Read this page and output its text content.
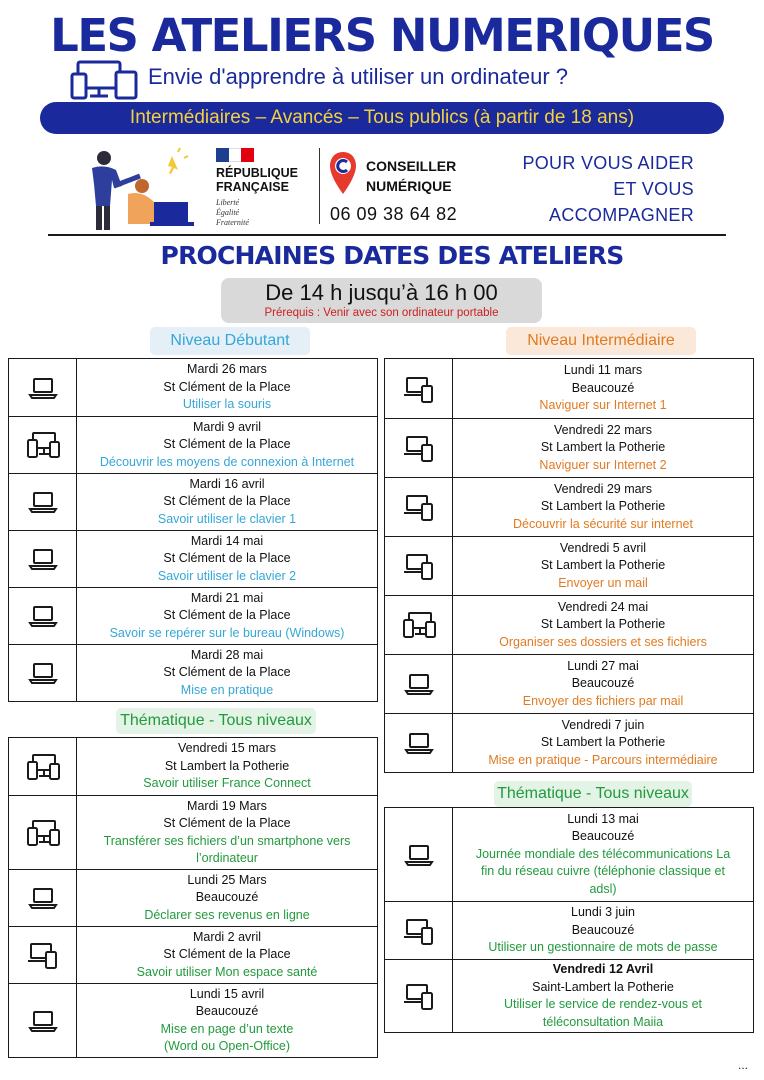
LES ATELIERS NUMERIQUES
Envie d'apprendre à utiliser un ordinateur ?
Intermédiaires – Avancés – Tous publics (à partir de 18 ans)
RÉPUBLIQUE
FRANÇAISE
Liberté
Égalité
Fraternité
CONSEILLER
NUMÉRIQUE
06 09 38 64 82
POUR VOUS AIDER
ET VOUS
ACCOMPAGNER
PROCHAINES DATES DES ATELIERS
De 14 h jusqu’à 16 h 00
Prérequis : Venir avec son ordinateur portable
Niveau Débutant	Niveau Intermédiaire
Thématique - Tous niveaux
Thématique - Tous niveaux
Mardi 26 mars
St Clément de la Place
Utiliser la souris
Mardi 9 avril
St Clément de la Place
Découvrir les moyens de connexion à Internet
Mardi 16 avril
St Clément de la Place
Savoir utiliser le clavier 1
Mardi 14 mai
St Clément de la Place
Savoir utiliser le clavier 2
Mardi 21 mai
St Clément de la Place
Savoir se repérer sur le bureau (Windows)
Mardi 28 mai
St Clément de la Place
Mise en pratique
Vendredi 15 mars
St Lambert la Potherie
Savoir utiliser France Connect
Mardi 19 Mars
St Clément de la Place
Transférer ses fichiers d’un smartphone vers l’ordinateur
Lundi 25 Mars
Beaucouzé
Déclarer ses revenus en ligne
Mardi 2 avril
St Clément de la Place
Savoir utiliser Mon espace santé
Lundi 15 avril
Beaucouzé
Mise en page d’un texte (Word ou Open-Office)
Lundi 11 mars
Beaucouzé
Naviguer sur Internet 1
Vendredi 22 mars
St Lambert la Potherie
Naviguer sur Internet 2
Vendredi 29 mars
St Lambert la Potherie
Découvrir la sécurité sur internet
Vendredi 5 avril
St Lambert la Potherie
Envoyer un mail
Vendredi 24 mai
St Lambert la Potherie
Organiser ses dossiers et ses fichiers
Lundi 27 mai
Beaucouzé
Envoyer des fichiers par mail
Vendredi 7 juin
St Lambert la Potherie
Mise en pratique - Parcours intermédiaire
Lundi 13 mai
Beaucouzé
Journée mondiale des télécommunications La fin du réseau cuivre (téléphonie classique et adsl)
Lundi 3 juin
Beaucouzé
Utiliser un gestionnaire de mots de passe
Vendredi 12 Avril
Saint-Lambert la Potherie
Utiliser le service de rendez-vous et téléconsultation Maiia
...
